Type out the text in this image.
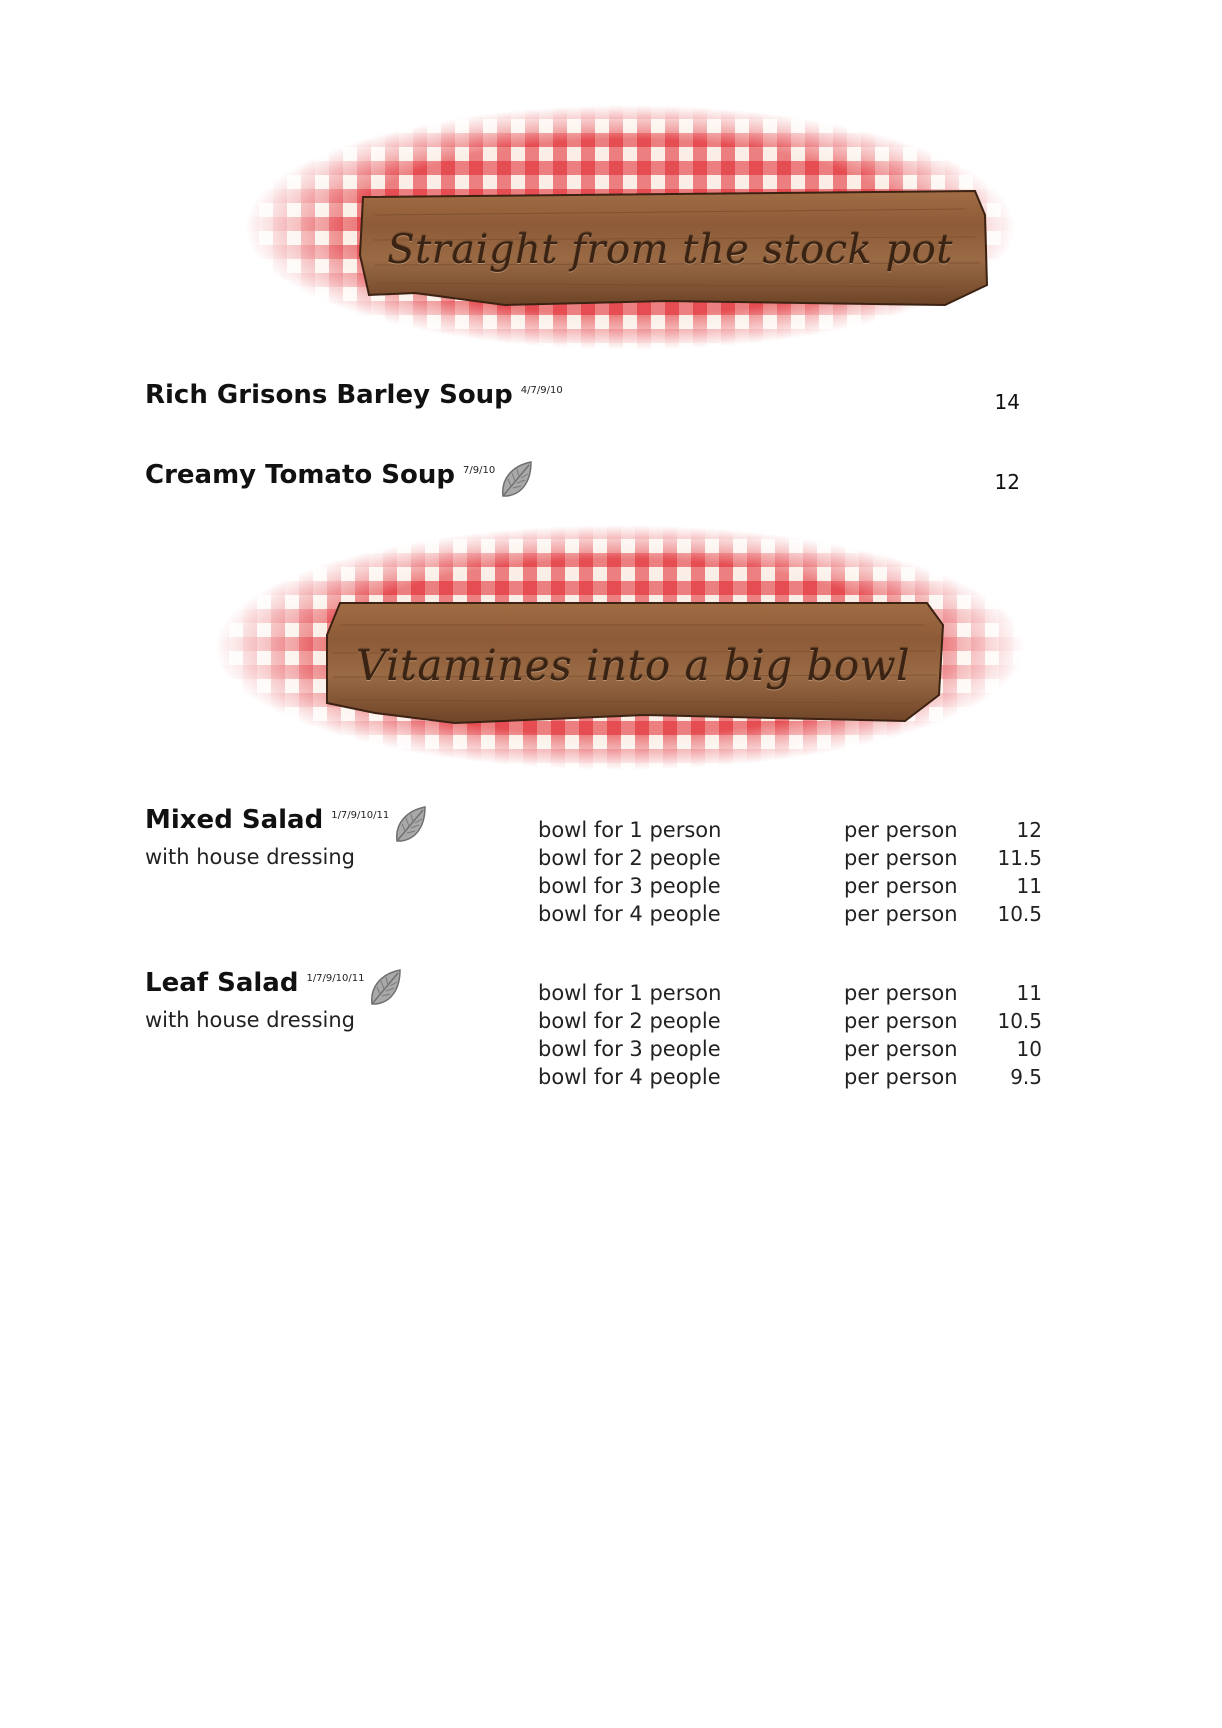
Straight from the stock pot
Rich Grisons Barley Soup $^{4/7/9/10}$	14
Creamy Tomato Soup $^{7/9/10}$	12
Vitamines into a big bowl
Mixed Salad $^{1/7/9/10/11}$
with house dressing
bowl for 1 person	per person	12
bowl for 2 people	per person	11.5
bowl for 3 people	per person	11
bowl for 4 people	per person	10.5
Leaf Salad $^{1/7/9/10/11}$
with house dressing
bowl for 1 person	per person	11
bowl for 2 people	per person	10.5
bowl for 3 people	per person	10
bowl for 4 people	per person	9.5
